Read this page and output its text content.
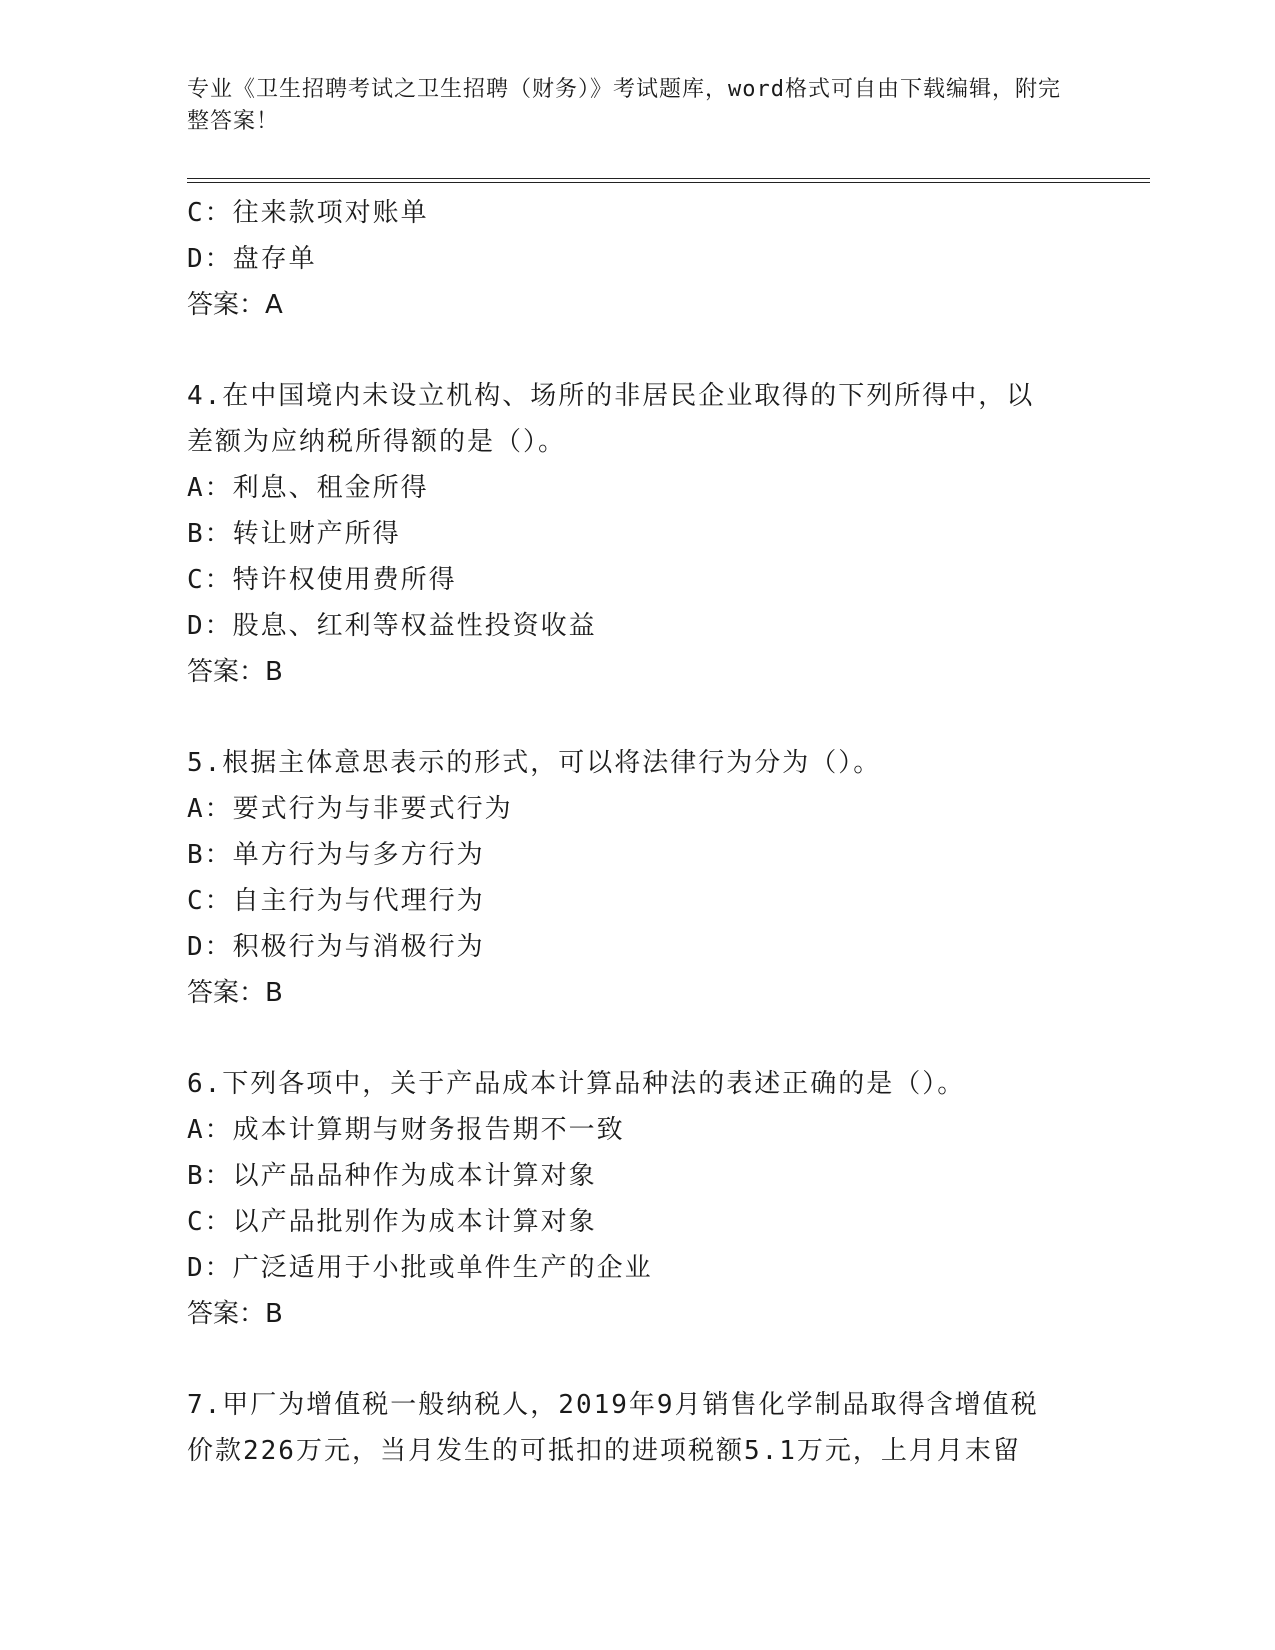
专业《卫生招聘考试之卫生招聘（财务）》考试题库，word格式可自由下载编辑，附完整答案！
C：往来款项对账单
D：盘存单
答案：A
4.在中国境内未设立机构、场所的非居民企业取得的下列所得中，以
差额为应纳税所得额的是（）。
A：利息、租金所得
B：转让财产所得
C：特许权使用费所得
D：股息、红利等权益性投资收益
答案：B
5.根据主体意思表示的形式，可以将法律行为分为（）。
A：要式行为与非要式行为
B：单方行为与多方行为
C：自主行为与代理行为
D：积极行为与消极行为
答案：B
6.下列各项中，关于产品成本计算品种法的表述正确的是（）。
A：成本计算期与财务报告期不一致
B：以产品品种作为成本计算对象
C：以产品批别作为成本计算对象
D：广泛适用于小批或单件生产的企业
答案：B
7.甲厂为增值税一般纳税人，2019年9月销售化学制品取得含增值税
价款226万元，当月发生的可抵扣的进项税额5.1万元，上月月末留
